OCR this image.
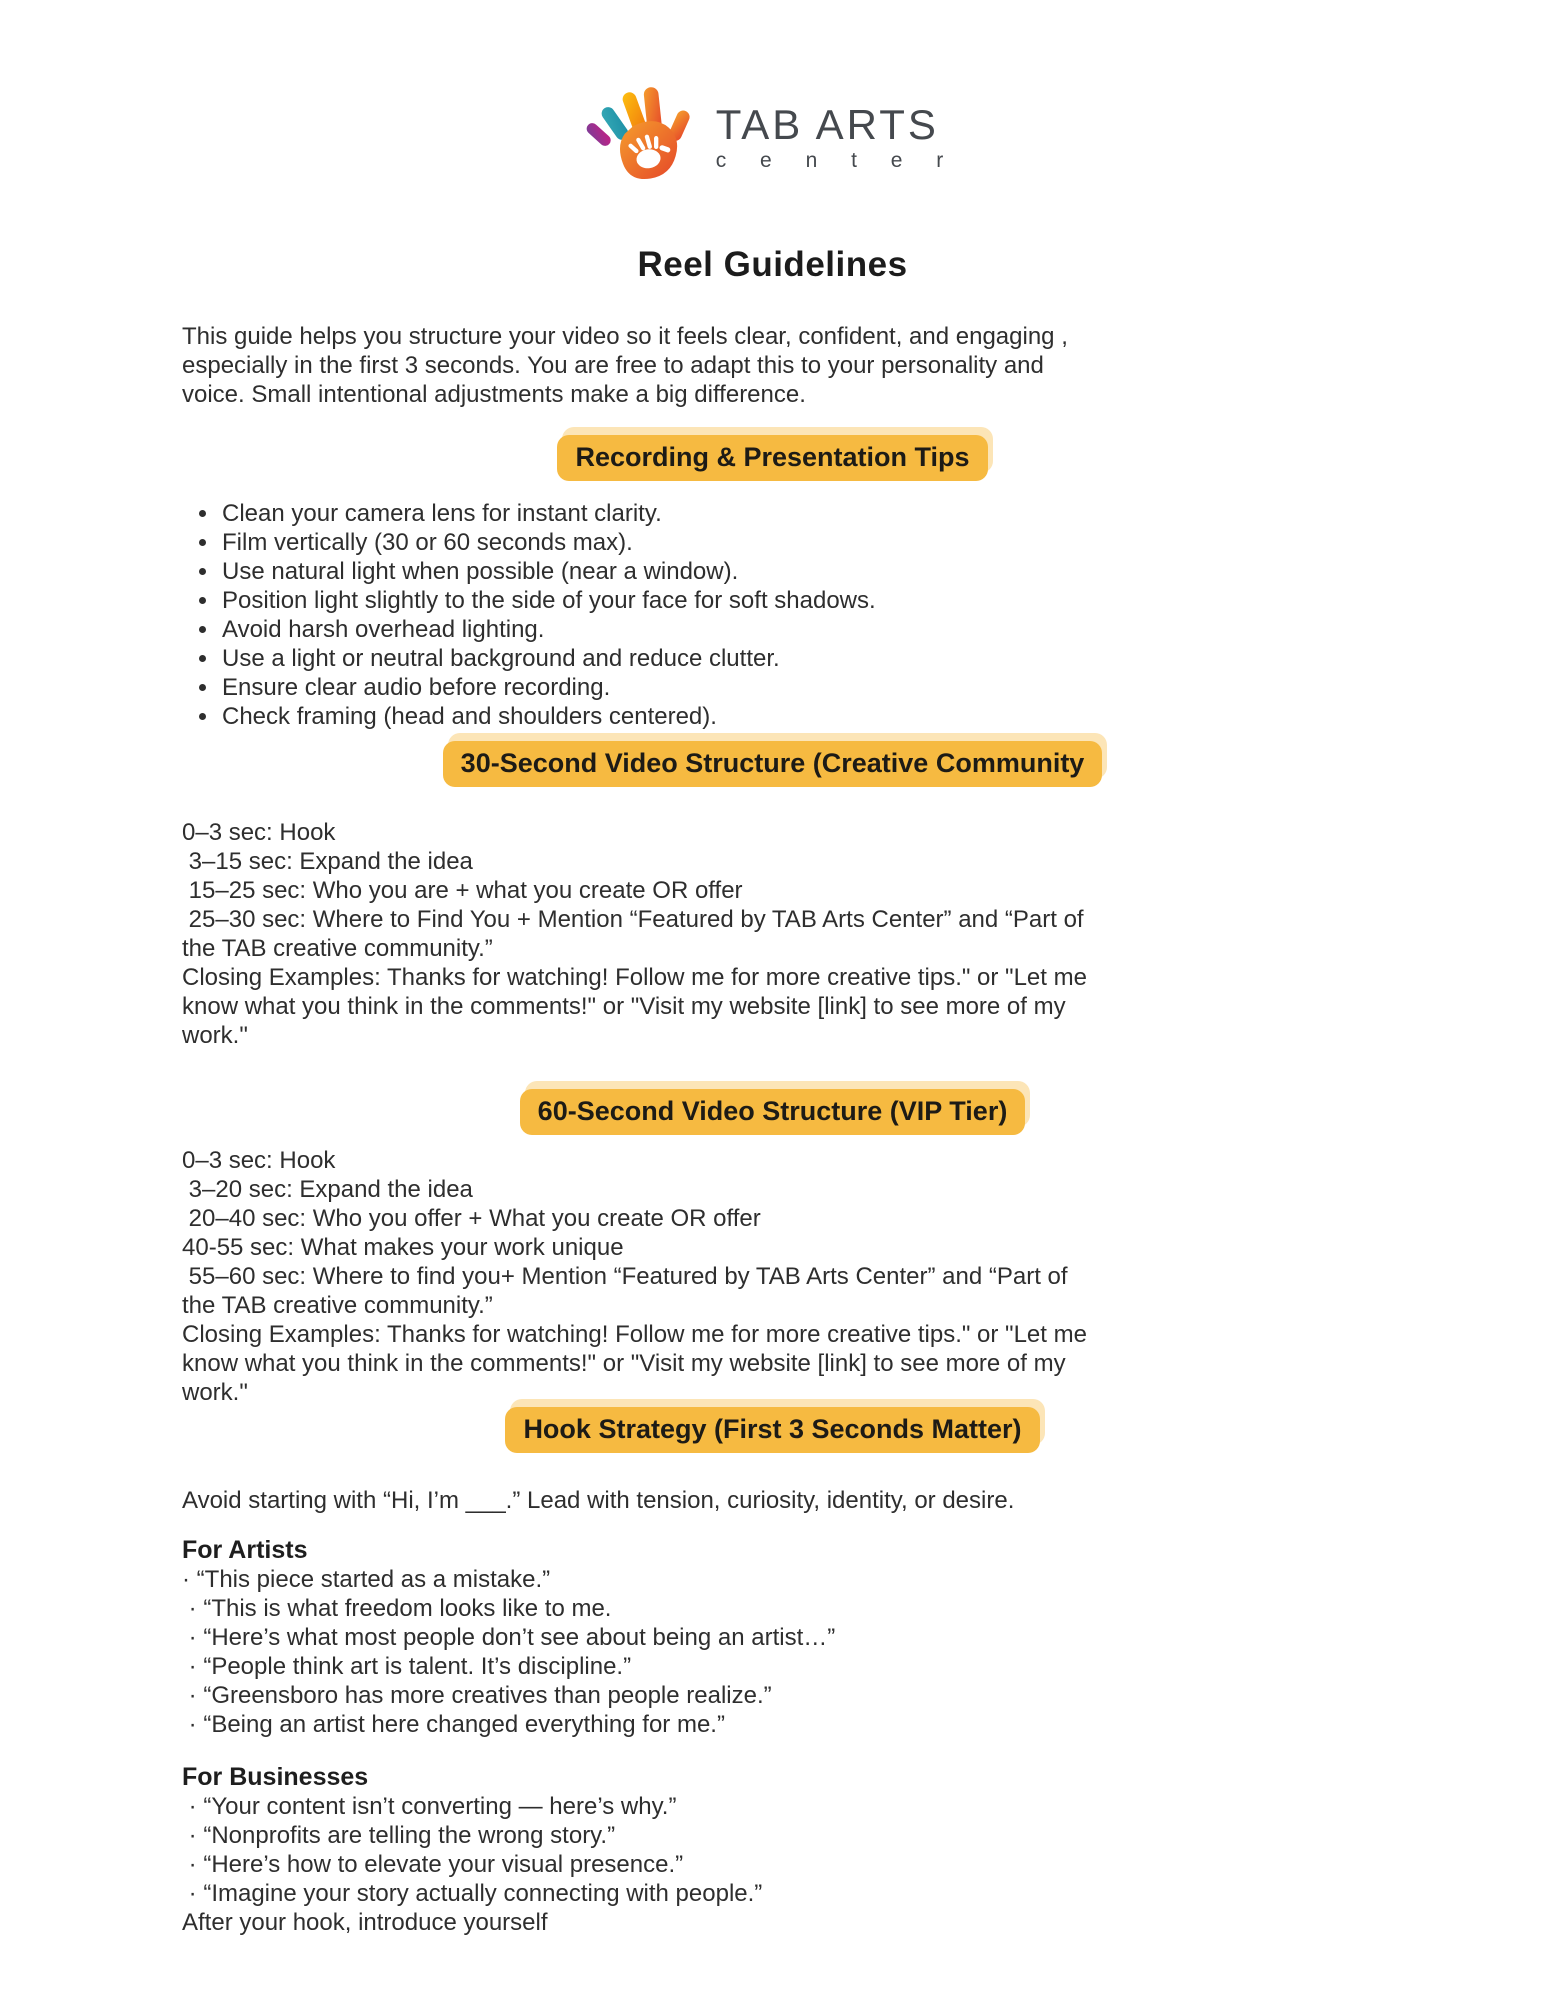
TAB ARTS
c e n t e r
Reel Guidelines
This guide helps you structure your video so it feels clear, confident, and engaging ,
especially in the first 3 seconds. You are free to adapt this to your personality and
voice. Small intentional adjustments make a big difference.
Recording & Presentation Tips
• Clean your camera lens for instant clarity.
• Film vertically (30 or 60 seconds max).
• Use natural light when possible (near a window).
• Position light slightly to the side of your face for soft shadows.
• Avoid harsh overhead lighting.
• Use a light or neutral background and reduce clutter.
• Ensure clear audio before recording.
• Check framing (head and shoulders centered).
30-Second Video Structure (Creative Community
0–3 sec: Hook
3–15 sec: Expand the idea
15–25 sec: Who you are + what you create OR offer
25–30 sec: Where to Find You + Mention “Featured by TAB Arts Center” and “Part of
the TAB creative community.”
Closing Examples: Thanks for watching! Follow me for more creative tips." or "Let me
know what you think in the comments!" or "Visit my website [link] to see more of my
work."
60-Second Video Structure (VIP Tier)
0–3 sec: Hook
3–20 sec: Expand the idea
20–40 sec: Who you offer + What you create OR offer
40-55 sec: What makes your work unique
55–60 sec: Where to find you+ Mention “Featured by TAB Arts Center” and “Part of
the TAB creative community.”
Closing Examples: Thanks for watching! Follow me for more creative tips." or "Let me
know what you think in the comments!" or "Visit my website [link] to see more of my
work."
Hook Strategy (First 3 Seconds Matter)
Avoid starting with “Hi, I’m ___.” Lead with tension, curiosity, identity, or desire.
For Artists
· “This piece started as a mistake.”
· “This is what freedom looks like to me.
· “Here’s what most people don’t see about being an artist…”
· “People think art is talent. It’s discipline.”
· “Greensboro has more creatives than people realize.”
· “Being an artist here changed everything for me.”
For Businesses
· “Your content isn’t converting — here’s why.”
· “Nonprofits are telling the wrong story.”
· “Here’s how to elevate your visual presence.”
· “Imagine your story actually connecting with people.”
After your hook, introduce yourself
